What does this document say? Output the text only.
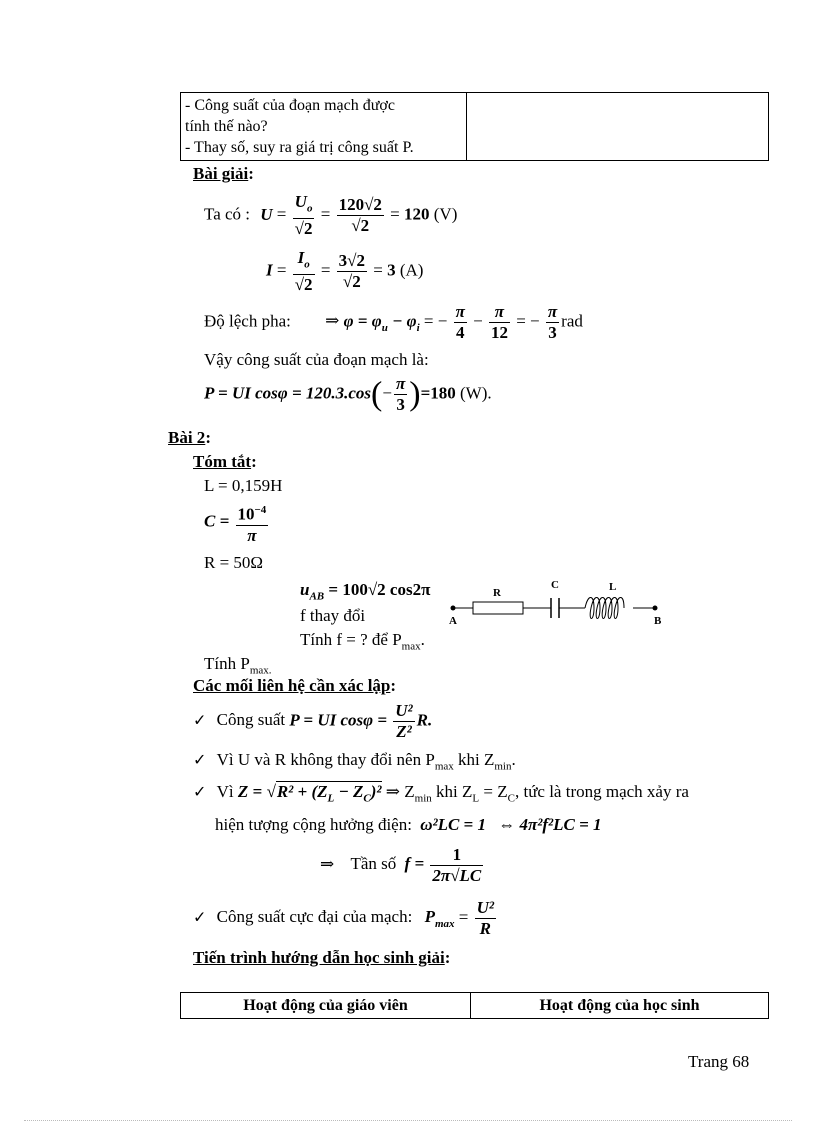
- Công suất của đoạn mạch được
tính thế nào?
- Thay số, suy ra giá trị công suất P.

Bài giải:
Ta có : $U = \frac{U_o}{√2} = \frac{120√2}{√2} = 120$ (V)
$I = \frac{I_o}{√2} = \frac{3√2}{√2} = 3$ (A)
Độ lệch pha: ⇒ $\varphi = \varphi_u - \varphi_i$ = − $\frac{\pi}{4} - \frac{\pi}{12}$ = − $\frac{\pi}{3}$ rad
Vậy công suất của đoạn mạch là:
P = UI $\cos\varphi = 120.3.\cos(- \frac{\pi}{3} )=180$ (W).
Bài 2:
Tóm tắt:
L = 0,159H
$C = \frac{10^{-4}}{\pi}$
R = 50Ω
$u_{AB} = 100√2$ cos2π
f thay đổi
Tính f = ? để $P_{max}$.
Tính $P_{max.}$
A	B
R
C	L
Các mối liên hệ cần xác lập:
✓ Công suất P = UI $\cos\varphi = \frac{\text{U²}}{\text{Z²}} R$.
✓ Vì U và R không thay đổi nên $P_{max}$ khi $Z_{min}$.
✓ Vì $Z = √R^2 + (Z_L - Z_C)^2$ ⇒ $Z_{min}$ khi $Z_L = Z_C$, tức là trong mạch xảy ra
hiện tượng cộng hưởng điện: ω²LC = 1 ⇔ 4π²f²LC = 1
⇒ Tần số $f = \frac{1}{2\pi√LC}$
✓ Công suất cực đại của mạch: $P_{max} = \frac{\text{U²}}{R}$
Tiến trình hướng dẫn học sinh giải:
Hoạt động của giáo viên	Hoạt động của học sinh
Trang 68
